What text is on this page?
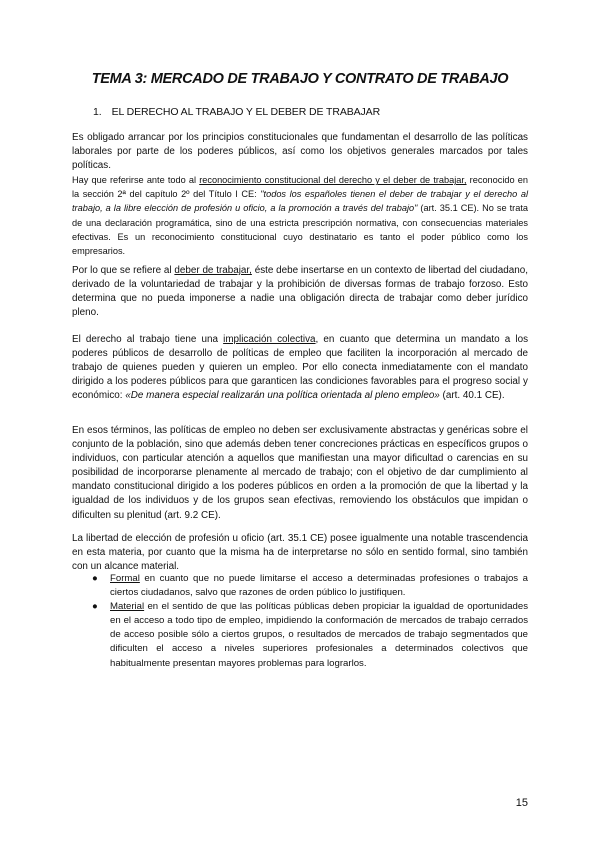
TEMA 3: MERCADO DE TRABAJO Y CONTRATO DE TRABAJO
1. EL DERECHO AL TRABAJO Y EL DEBER DE TRABAJAR

Es obligado arrancar por los principios constitucionales que fundamentan el desarrollo de las políticas laborales por parte de los poderes públicos, así como los objetivos generales marcados por tales políticas.

Hay que referirse ante todo al reconocimiento constitucional del derecho y el deber de trabajar, reconocido en la sección 2ª del capítulo 2º del Título I CE: "todos los españoles tienen el deber de trabajar y el derecho al trabajo, a la libre elección de profesión u oficio, a la promoción a través del trabajo" (art. 35.1 CE). No se trata de una declaración programática, sino de una estricta prescripción normativa, con consecuencias materiales efectivas. Es un reconocimiento constitucional cuyo destinatario es tanto el poder público como los empresarios.

Por lo que se refiere al deber de trabajar, éste debe insertarse en un contexto de libertad del ciudadano, derivado de la voluntariedad de trabajar y la prohibición de diversas formas de trabajo forzoso. Esto determina que no pueda imponerse a nadie una obligación directa de trabajar como deber jurídico pleno.

El derecho al trabajo tiene una implicación colectiva, en cuanto que determina un mandato a los poderes públicos de desarrollo de políticas de empleo que faciliten la incorporación al mercado de trabajo de quienes pueden y quieren un empleo. Por ello conecta inmediatamente con el mandato dirigido a los poderes públicos para que garanticen las condiciones favorables para el progreso social y económico: «De manera especial realizarán una política orientada al pleno empleo» (art. 40.1 CE).

En esos términos, las políticas de empleo no deben ser exclusivamente abstractas y genéricas sobre el conjunto de la población, sino que además deben tener concreciones prácticas en específicos grupos o individuos, con particular atención a aquellos que manifiestan una mayor dificultad o carencias en su posibilidad de incorporarse plenamente al mercado de trabajo; con el objetivo de dar cumplimiento al mandato constitucional dirigido a los poderes públicos en orden a la promoción de que la libertad y la igualdad de los individuos y de los grupos sean efectivas, removiendo los obstáculos que impidan o dificulten su plenitud (art. 9.2 CE).

La libertad de elección de profesión u oficio (art. 35.1 CE) posee igualmente una notable trascendencia en esta materia, por cuanto que la misma ha de interpretarse no sólo en sentido formal, sino también con un alcance material.

● Formal en cuanto que no puede limitarse el acceso a determinadas profesiones o trabajos a ciertos ciudadanos, salvo que razones de orden público lo justifiquen.
● Material en el sentido de que las políticas públicas deben propiciar la igualdad de oportunidades en el acceso a todo tipo de empleo, impidiendo la conformación de mercados de trabajo cerrados de acceso posible sólo a ciertos grupos, o resultados de mercados de trabajo segmentados que dificulten el acceso a niveles superiores profesionales a determinados colectivos que habitualmente presentan mayores problemas para lograrlos.
15
